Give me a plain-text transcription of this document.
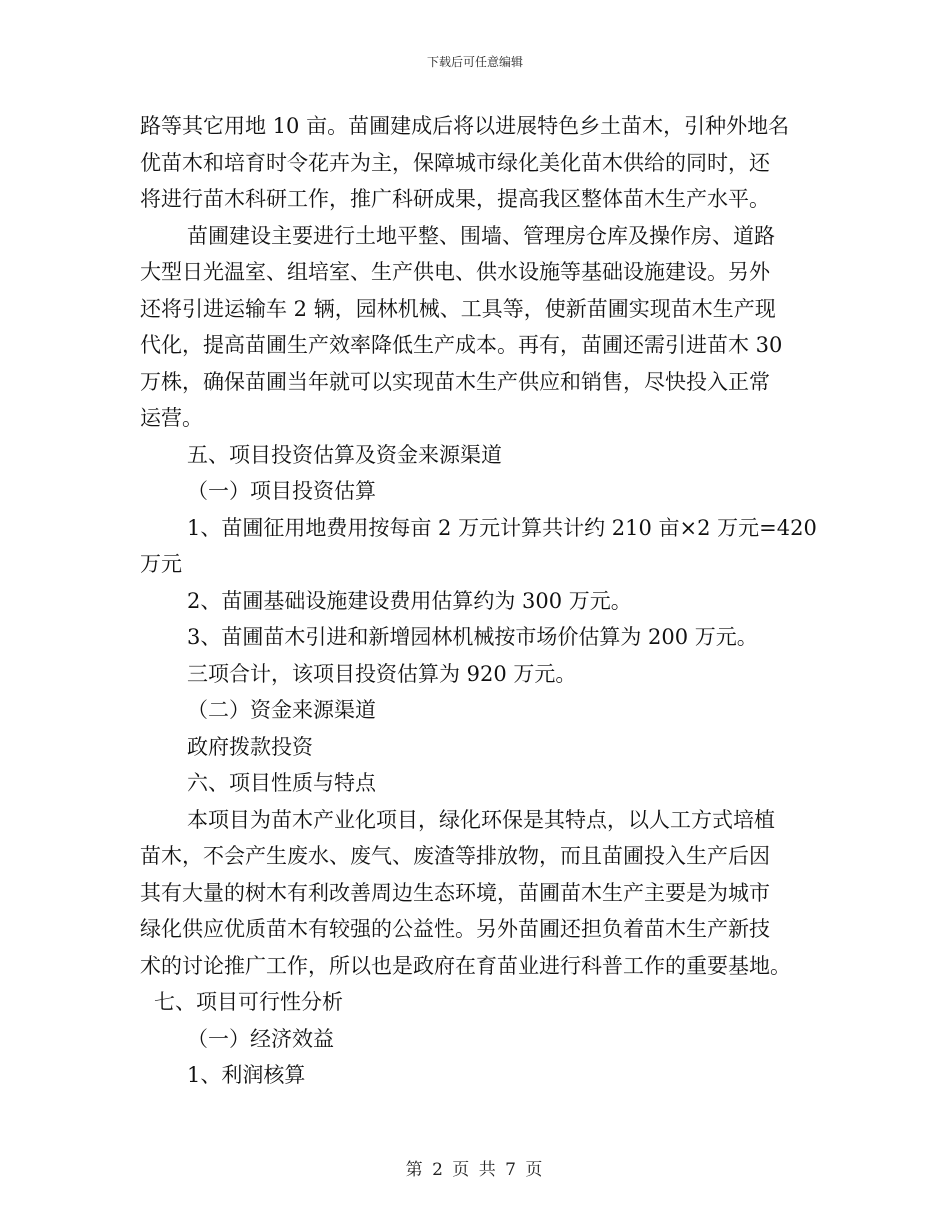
下载后可任意编辑
路等其它用地 10 亩。苗圃建成后将以进展特色乡土苗木，引种外地名
优苗木和培育时令花卉为主，保障城市绿化美化苗木供给的同时，还
将进行苗木科研工作，推广科研成果，提高我区整体苗木生产水平。
苗圃建设主要进行土地平整、围墙、管理房仓库及操作房、道路
大型日光温室、组培室、生产供电、供水设施等基础设施建设。另外
还将引进运输车 2 辆，园林机械、工具等，使新苗圃实现苗木生产现
代化，提高苗圃生产效率降低生产成本。再有，苗圃还需引进苗木 30
万株，确保苗圃当年就可以实现苗木生产供应和销售，尽快投入正常
运营。
五、项目投资估算及资金来源渠道
（一）项目投资估算
1、苗圃征用地费用按每亩 2 万元计算共计约 210 亩×2 万元=420
万元
2、苗圃基础设施建设费用估算约为 300 万元。
3、苗圃苗木引进和新增园林机械按市场价估算为 200 万元。
三项合计，该项目投资估算为 920 万元。
（二）资金来源渠道
政府拨款投资
六、项目性质与特点
本项目为苗木产业化项目，绿化环保是其特点，以人工方式培植
苗木，不会产生废水、废气、废渣等排放物，而且苗圃投入生产后因
其有大量的树木有利改善周边生态环境，苗圃苗木生产主要是为城市
绿化供应优质苗木有较强的公益性。另外苗圃还担负着苗木生产新技
术的讨论推广工作，所以也是政府在育苗业进行科普工作的重要基地。
七、项目可行性分析
（一）经济效益
1、利润核算
第 2 页 共 7 页
